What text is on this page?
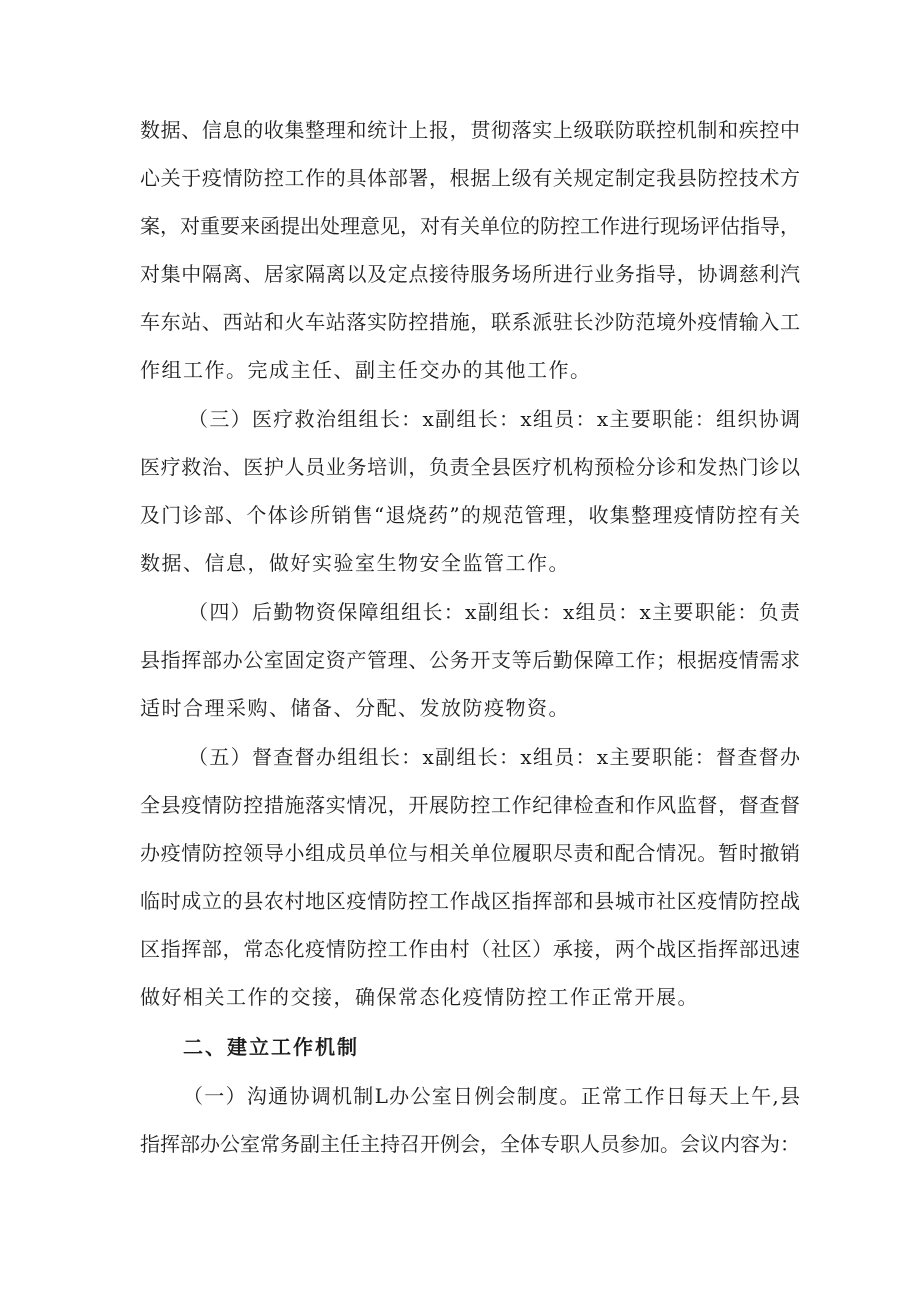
数据、信息的收集整理和统计上报，贯彻落实上级联防联控机制和疾控中

心关于疫情防控工作的具体部署，根据上级有关规定制定我县防控技术方

案，对重要来函提出处理意见，对有关单位的防控工作进行现场评估指导，

对集中隔离、居家隔离以及定点接待服务场所进行业务指导，协调慈利汽

车东站、西站和火车站落实防控措施，联系派驻长沙防范境外疫情输入工

作组工作。完成主任、副主任交办的其他工作。

（三）医疗救治组组长：x副组长：x组员：x主要职能：组织协调

医疗救治、医护人员业务培训，负责全县医疗机构预检分诊和发热门诊以

及门诊部、个体诊所销售“退烧药”的规范管理，收集整理疫情防控有关

数据、信息，做好实验室生物安全监管工作。

（四）后勤物资保障组组长：x副组长：x组员：x主要职能：负责

县指挥部办公室固定资产管理、公务开支等后勤保障工作；根据疫情需求

适时合理采购、储备、分配、发放防疫物资。

（五）督查督办组组长：x副组长：x组员：x主要职能：督查督办

全县疫情防控措施落实情况，开展防控工作纪律检查和作风监督，督查督

办疫情防控领导小组成员单位与相关单位履职尽责和配合情况。暂时撤销

临时成立的县农村地区疫情防控工作战区指挥部和县城市社区疫情防控战

区指挥部，常态化疫情防控工作由村（社区）承接，两个战区指挥部迅速

做好相关工作的交接，确保常态化疫情防控工作正常开展。

二、建立工作机制

（一）沟通协调机制L办公室日例会制度。正常工作日每天上午,县

指挥部办公室常务副主任主持召开例会，全体专职人员参加。会议内容为：
